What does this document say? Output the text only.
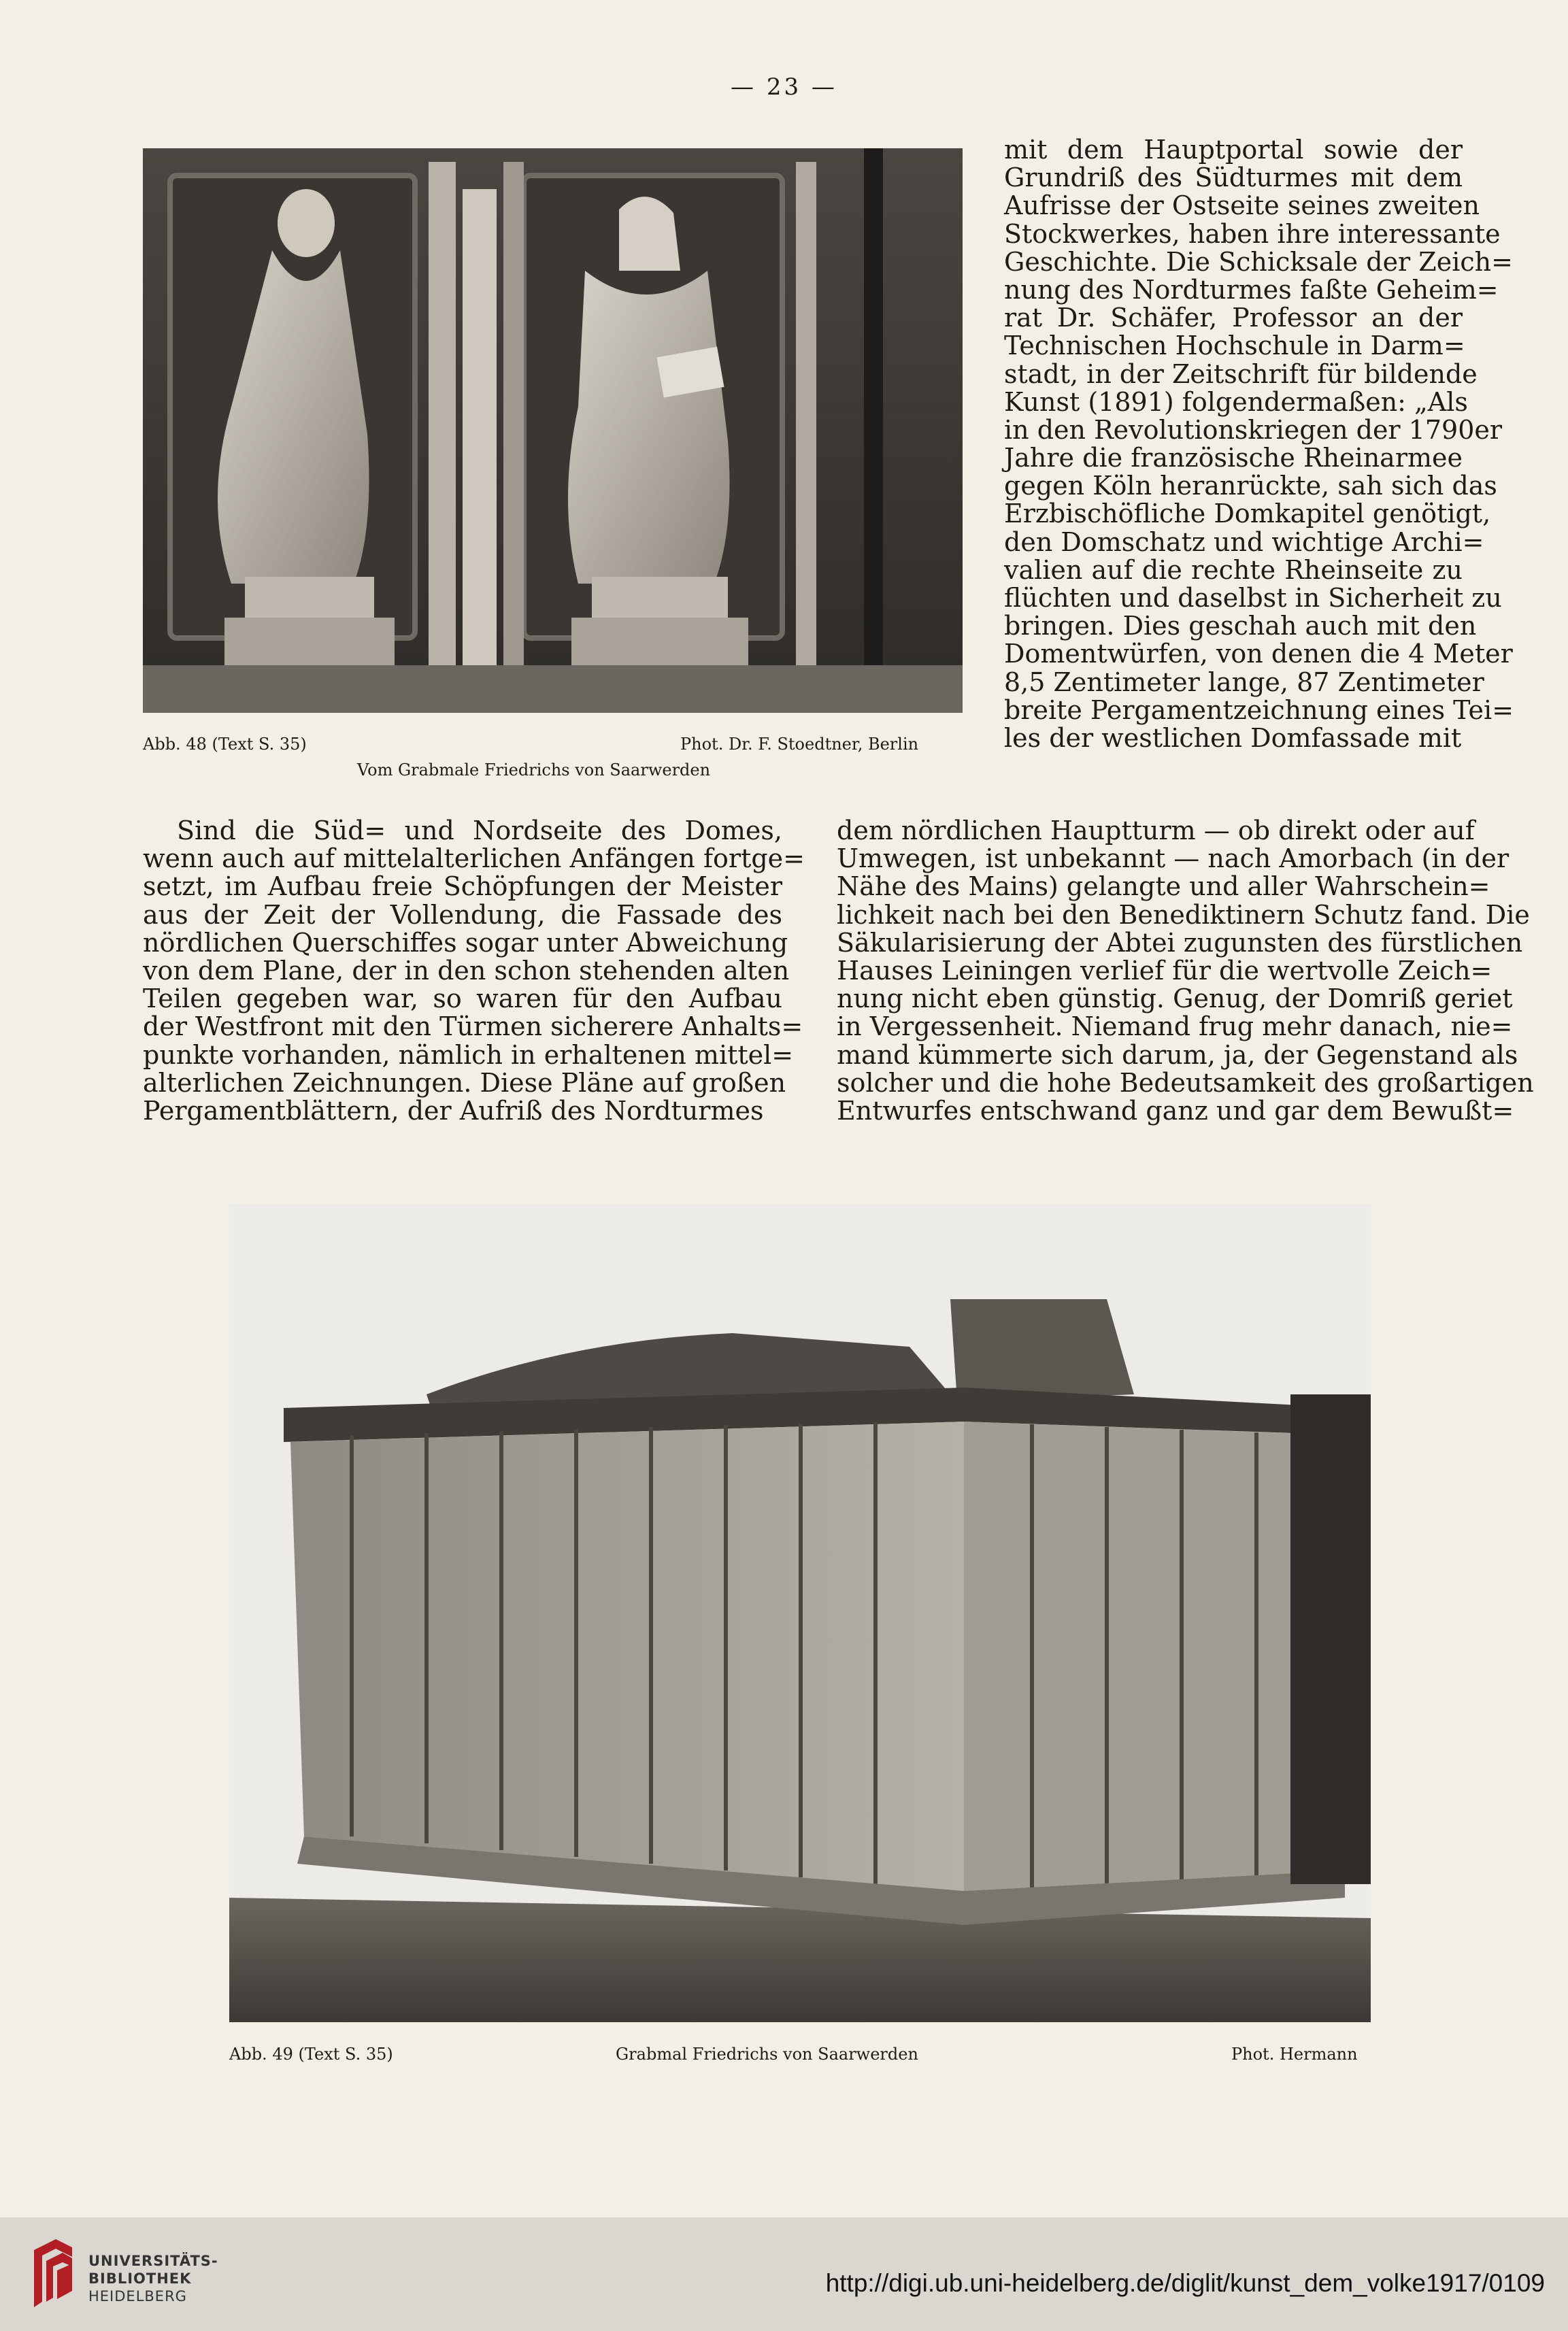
— 23 —
Abb. 48 (Text S. 35)	Phot. Dr. F. Stoedtner, Berlin
Vom Grabmale Friedrichs von Saarwerden
mit dem Hauptportal sowie der
Grundriß des Südturmes mit dem
Aufrisse der Ostseite seines zweiten
Stockwerkes, haben ihre interessante
Geschichte. Die Schicksale der Zeich=
nung des Nordturmes faßte Geheim=
rat Dr. Schäfer, Professor an der
Technischen Hochschule in Darm=
stadt, in der Zeitschrift für bildende
Kunst (1891) folgendermaßen: „Als
in den Revolutionskriegen der 1790er
Jahre die französische Rheinarmee
gegen Köln heranrückte, sah sich das
Erzbischöfliche Domkapitel genötigt,
den Domschatz und wichtige Archi=
valien auf die rechte Rheinseite zu
flüchten und daselbst in Sicherheit zu
bringen. Dies geschah auch mit den
Domentwürfen, von denen die 4 Meter
8,5 Zentimeter lange, 87 Zentimeter
breite Pergamentzeichnung eines Tei=
les der westlichen Domfassade mit
Sind die Süd= und Nordseite des Domes,
wenn auch auf mittelalterlichen Anfängen fortge=
setzt, im Aufbau freie Schöpfungen der Meister
aus der Zeit der Vollendung, die Fassade des
nördlichen Querschiffes sogar unter Abweichung
von dem Plane, der in den schon stehenden alten
Teilen gegeben war, so waren für den Aufbau
der Westfront mit den Türmen sicherere Anhalts=
punkte vorhanden, nämlich in erhaltenen mittel=
alterlichen Zeichnungen. Diese Pläne auf großen
Pergamentblättern, der Aufriß des Nordturmes
dem nördlichen Hauptturm — ob direkt oder auf
Umwegen, ist unbekannt — nach Amorbach (in der
Nähe des Mains) gelangte und aller Wahrschein=
lichkeit nach bei den Benediktinern Schutz fand. Die
Säkularisierung der Abtei zugunsten des fürstlichen
Hauses Leiningen verlief für die wertvolle Zeich=
nung nicht eben günstig. Genug, der Domriß geriet
in Vergessenheit. Niemand frug mehr danach, nie=
mand kümmerte sich darum, ja, der Gegenstand als
solcher und die hohe Bedeutsamkeit des großartigen
Entwurfes entschwand ganz und gar dem Bewußt=
Abb. 49 (Text S. 35)	Grabmal Friedrichs von Saarwerden	Phot. Hermann
UNIVERSITÄTS-
BIBLIOTHEK
HEIDELBERG	http://digi.ub.uni-heidelberg.de/diglit/kunst_dem_volke1917/0109
